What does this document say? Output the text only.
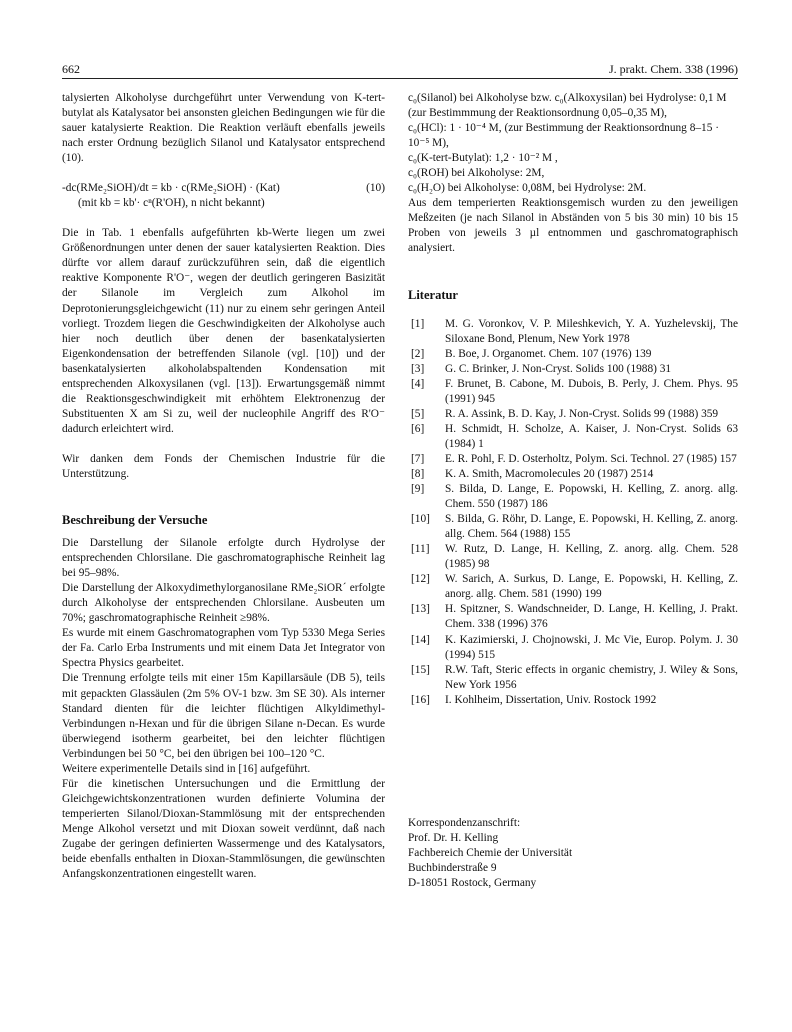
662	J. prakt. Chem. 338 (1996)

talysierten Alkoholyse durchgeführt unter Verwendung von K-tert-butylat als Katalysator bei ansonsten gleichen Bedingungen wie für die sauer katalysierte Reaktion. Die Reaktion verläuft ebenfalls jeweils nach erster Ordnung bezüglich Silanol und Katalysator entsprechend (10).

-dc(RMe₂SiOH)/dt = kb · c(RMe₂SiOH) · (Kat)	(10)

(mit kb = kb'· cⁿ(R'OH), n nicht bekannt)

Die in Tab. 1 ebenfalls aufgeführten kb-Werte liegen um zwei Größenordnungen unter denen der sauer katalysierten Reaktion. Dies dürfte vor allem darauf zurückzuführen sein, daß die eigentlich reaktive Komponente R'O⁻, wegen der deutlich geringeren Basizität der Silanole im Vergleich zum Alkohol im Deprotonierungsgleichgewicht (11) nur zu einem sehr geringen Anteil vorliegt. Trozdem liegen die Geschwindigkeiten der Alkoholyse auch hier noch deutlich über denen der basenkatalysierten Eigenkondensation der betreffenden Silanole (vgl. [10]) und der basenkatalysierten alkoholabspaltenden Kondensation mit entsprechenden Alkoxysilanen (vgl. [13]). Erwartungsgemäß nimmt die Reaktionsgeschwindigkeit mit erhöhtem Elektronenzug der Substituenten X am Si zu, weil der nucleophile Angriff des R'O⁻ dadurch erleichtert wird.

Wir danken dem Fonds der Chemischen Industrie für die Unterstützung.

Beschreibung der Versuche

Die Darstellung der Silanole erfolgte durch Hydrolyse der entsprechenden Chlorsilane. Die gaschromatographische Reinheit lag bei 95–98%.

Die Darstellung der Alkoxydimethylorganosilane RMe₂SiOR´ erfolgte durch Alkoholyse der entsprechenden Chlorsilane. Ausbeuten um 70%; gaschromatographische Reinheit ≥98%.

Es wurde mit einem Gaschromatographen vom Typ 5330 Mega Series der Fa. Carlo Erba Instruments und mit einem Data Jet Integrator von Spectra Physics gearbeitet.

Die Trennung erfolgte teils mit einer 15m Kapillarsäule (DB 5), teils mit gepackten Glassäulen (2m 5% OV-1 bzw. 3m SE 30). Als interner Standard dienten für die leichter flüchtigen Alkyldimethyl-Verbindungen n-Hexan und für die übrigen Silane n-Decan. Es wurde überwiegend isotherm gearbeitet, bei den leichter flüchtigen Verbindungen bei 50 °C, bei den übrigen bei 100–120 °C.

Weitere experimentelle Details sind in [16] aufgeführt.

Für die kinetischen Untersuchungen und die Ermittlung der Gleichgewichtskonzentrationen wurden definierte Volumina der temperierten Silanol/Dioxan-Stammlösung mit der entsprechenden Menge Alkohol versetzt und mit Dioxan soweit verdünnt, daß nach Zugabe der geringen definierten Wassermenge und des Katalysators, beide ebenfalls enthalten in Dioxan-Stammlösungen, die gewünschten Anfangskonzentrationen eingestellt waren.

c₀(Silanol) bei Alkoholyse bzw. c₀(Alkoxysilan) bei Hydrolyse: 0,1 M (zur Bestimmmung der Reaktionsordnung 0,05–0,35 M),

c₀(HCl): 1 · 10⁻⁴ M, (zur Bestimmung der Reaktionsordnung 8–15 · 10⁻⁵ M),

c₀(K-tert-Butylat): 1,2 · 10⁻² M ,

c₀(ROH) bei Alkoholyse: 2M,

c₀(H₂O) bei Alkoholyse: 0,08M, bei Hydrolyse: 2M.

Aus dem temperierten Reaktionsgemisch wurden zu den jeweiligen Meßzeiten (je nach Silanol in Abständen von 5 bis 30 min) 10 bis 15 Proben von jeweils 3 µl entnommen und gaschromatographisch analysiert.

Literatur
[1]	M. G. Voronkov, V. P. Mileshkevich, Y. A. Yuzhelevskij, The Siloxane Bond, Plenum, New York 1978
[2]	B. Boe, J. Organomet. Chem. 107 (1976) 139
[3]	G. C. Brinker, J. Non-Cryst. Solids 100 (1988) 31
[4]	F. Brunet, B. Cabone, M. Dubois, B. Perly, J. Chem. Phys. 95 (1991) 945
[5]	R. A. Assink, B. D. Kay, J. Non-Cryst. Solids 99 (1988) 359
[6]	H. Schmidt, H. Scholze, A. Kaiser, J. Non-Cryst. Solids 63 (1984) 1
[7]	E. R. Pohl, F. D. Osterholtz, Polym. Sci. Technol. 27 (1985) 157
[8]	K. A. Smith, Macromolecules 20 (1987) 2514
[9]	S. Bilda, D. Lange, E. Popowski, H. Kelling, Z. anorg. allg. Chem. 550 (1987) 186
[10]	S. Bilda, G. Röhr, D. Lange, E. Popowski, H. Kelling, Z. anorg. allg. Chem. 564 (1988) 155
[11]	W. Rutz, D. Lange, H. Kelling, Z. anorg. allg. Chem. 528 (1985) 98
[12]	W. Sarich, A. Surkus, D. Lange, E. Popowski, H. Kelling, Z. anorg. allg. Chem. 581 (1990) 199
[13]	H. Spitzner, S. Wandschneider, D. Lange, H. Kelling, J. Prakt. Chem. 338 (1996) 376
[14]	K. Kazimierski, J. Chojnowski, J. Mc Vie, Europ. Polym. J. 30 (1994) 515
[15]	R.W. Taft, Steric effects in organic chemistry, J. Wiley & Sons, New York 1956
[16]	I. Kohlheim, Dissertation, Univ. Rostock 1992

Korrespondenzanschrift:

Prof. Dr. H. Kelling

Fachbereich Chemie der Universität

Buchbinderstraße 9

D-18051 Rostock, Germany
